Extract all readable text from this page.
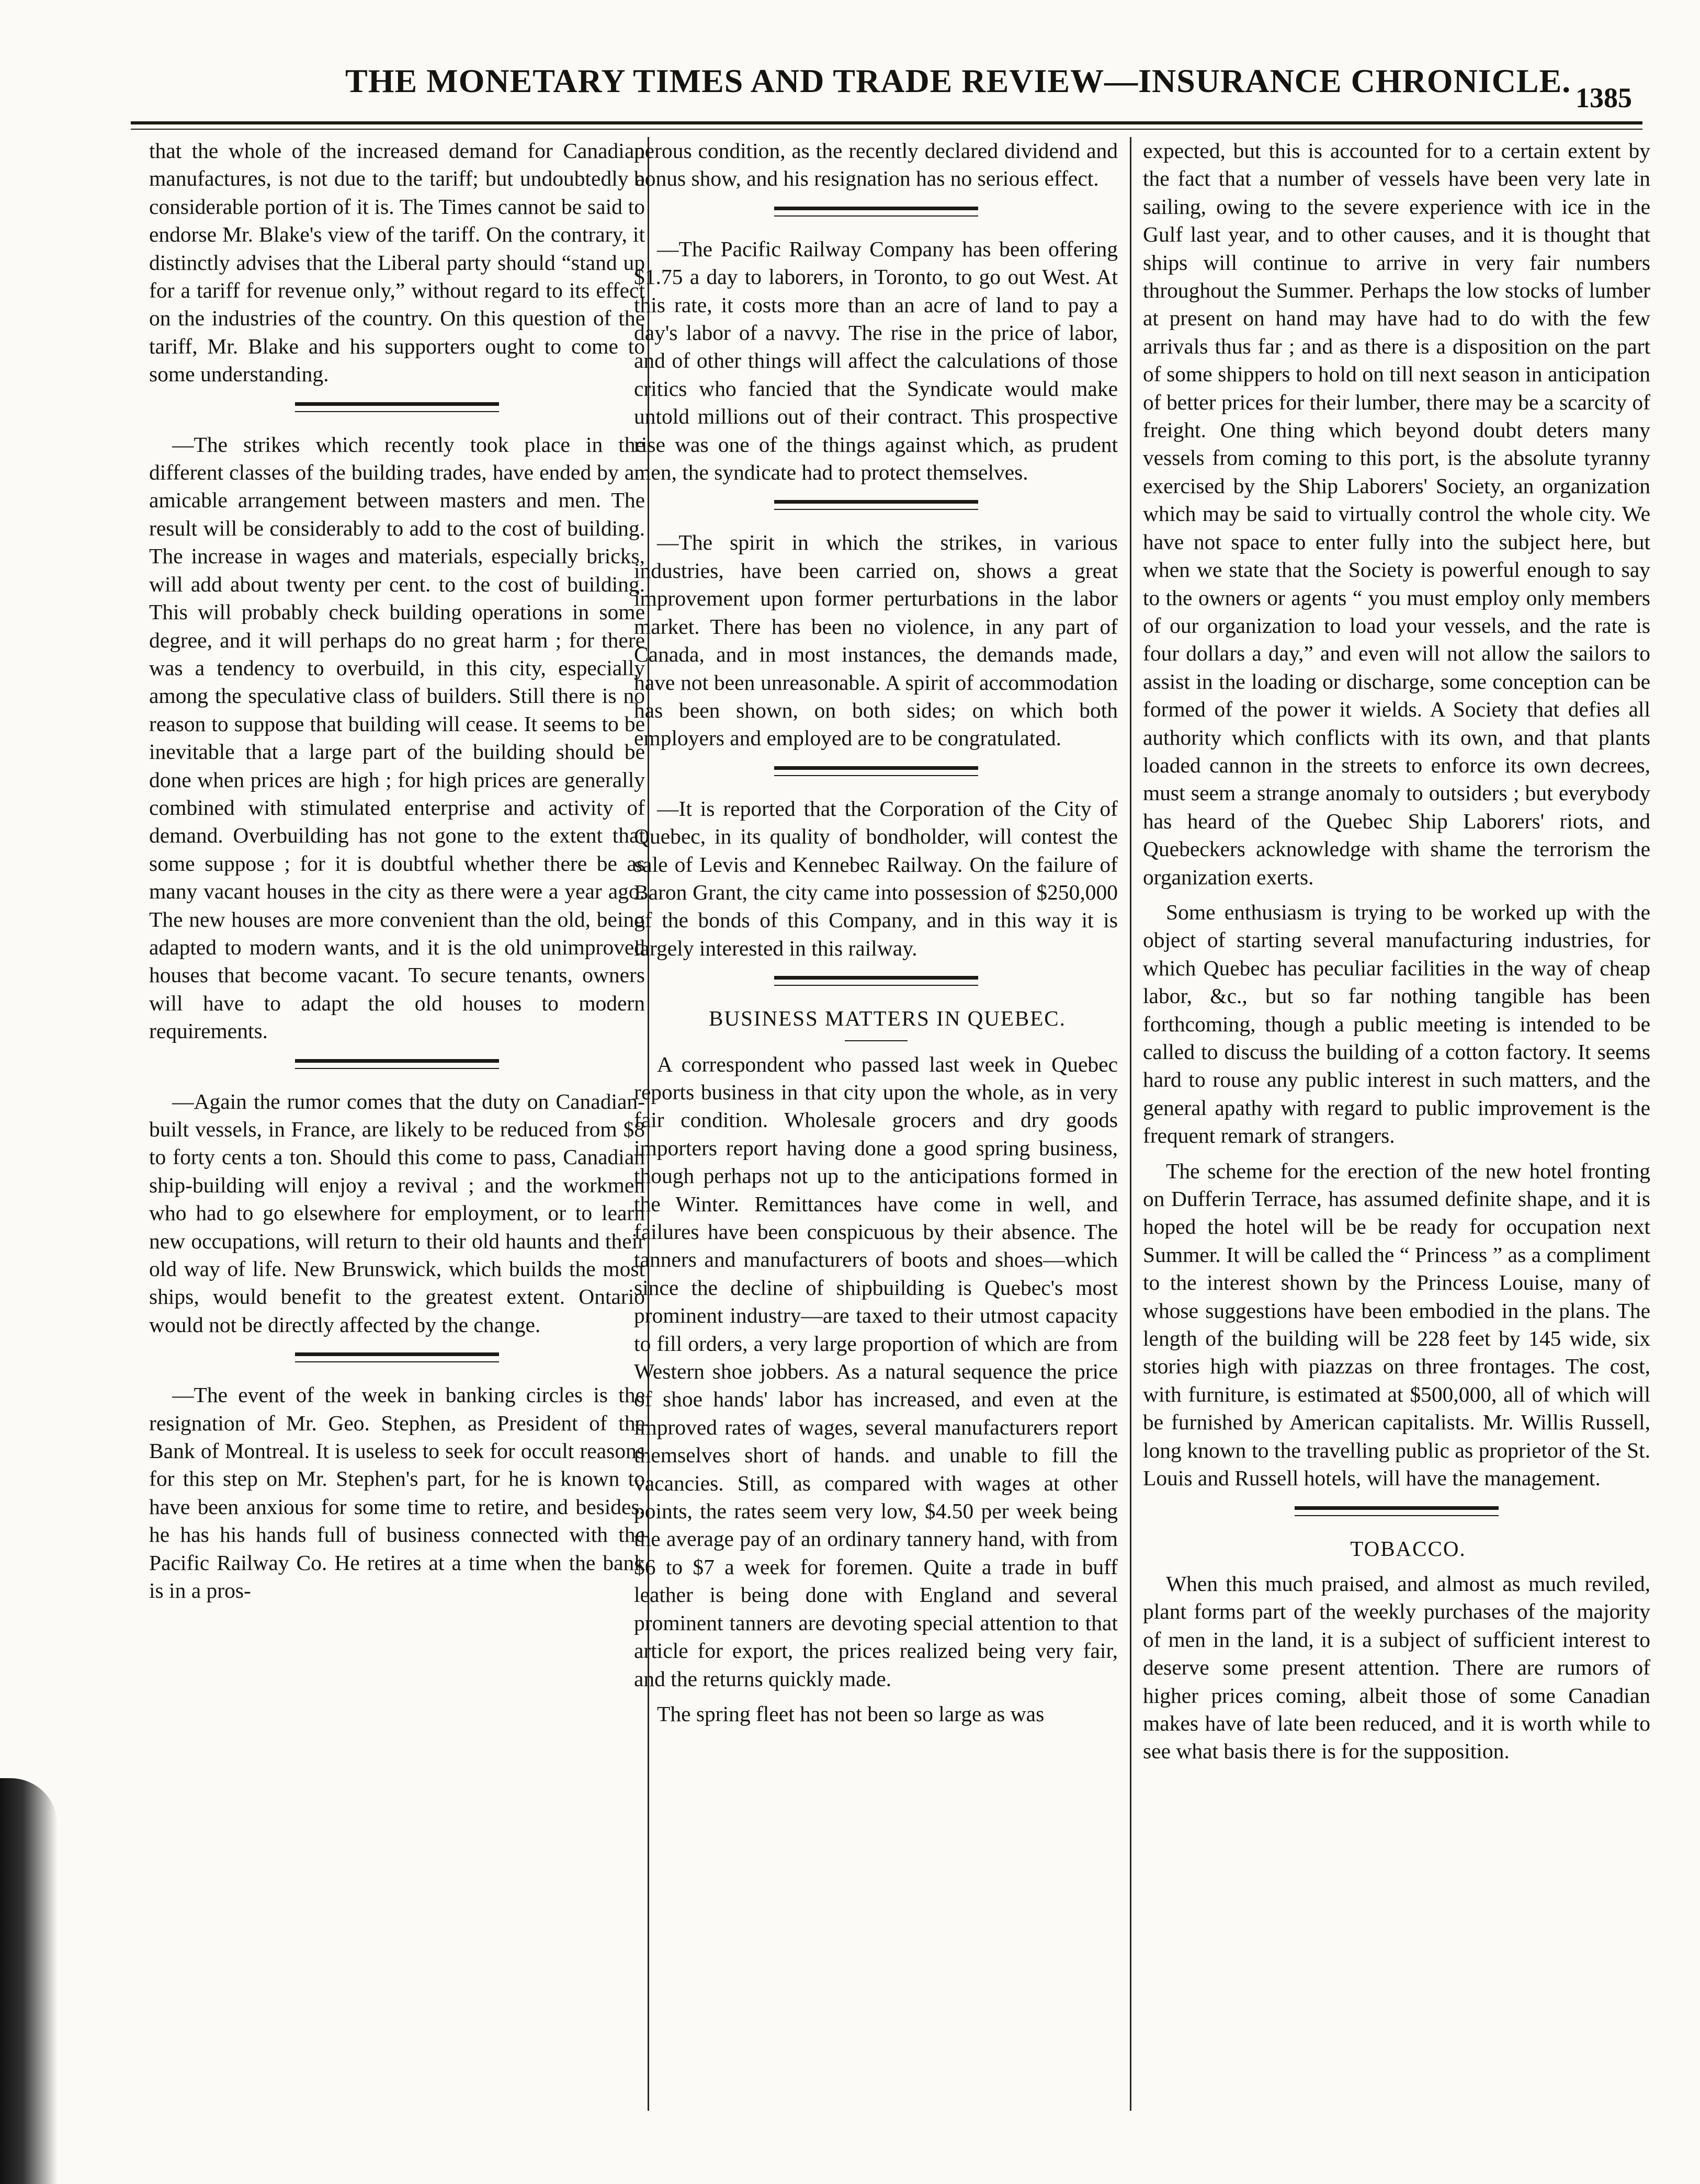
THE MONETARY TIMES AND TRADE REVIEW—INSURANCE CHRONICLE. 1385

that the whole of the increased demand for Canadian manufactures, is not due to the tariff; but undoubtedly a considerable portion of it is. The Times cannot be said to endorse Mr. Blake's view of the tariff. On the contrary, it distinctly advises that the Liberal party should “stand up for a tariff for revenue only,” without regard to its effect on the industries of the country. On this question of the tariff, Mr. Blake and his supporters ought to come to some understanding.

—The strikes which recently took place in the different classes of the building trades, have ended by an amicable arrangement between masters and men. The result will be considerably to add to the cost of building. The increase in wages and materials, especially bricks, will add about twenty per cent. to the cost of building. This will probably check building operations in some degree, and it will perhaps do no great harm ; for there was a tendency to overbuild, in this city, especially among the speculative class of builders. Still there is no reason to suppose that building will cease. It seems to be inevitable that a large part of the building should be done when prices are high ; for high prices are generally combined with stimulated enterprise and activity of demand. Overbuilding has not gone to the extent that some suppose ; for it is doubtful whether there be as many vacant houses in the city as there were a year ago. The new houses are more convenient than the old, being adapted to modern wants, and it is the old unimproved houses that become vacant. To secure tenants, owners will have to adapt the old houses to modern requirements.

—Again the rumor comes that the duty on Canadian-built vessels, in France, are likely to be reduced from $8 to forty cents a ton. Should this come to pass, Canadian ship-building will enjoy a revival ; and the workmen who had to go elsewhere for employment, or to learn new occupations, will return to their old haunts and their old way of life. New Brunswick, which builds the most ships, would benefit to the greatest extent. Ontario would not be directly affected by the change.

—The event of the week in banking circles is the resignation of Mr. Geo. Stephen, as President of the Bank of Montreal. It is useless to seek for occult reasons for this step on Mr. Stephen's part, for he is known to have been anxious for some time to retire, and besides, he has his hands full of business connected with the Pacific Railway Co. He retires at a time when the bank is in a pros-

perous condition, as the recently declared dividend and bonus show, and his resignation has no serious effect.

—The Pacific Railway Company has been offering $1.75 a day to laborers, in Toronto, to go out West. At this rate, it costs more than an acre of land to pay a day's labor of a navvy. The rise in the price of labor, and of other things will affect the calculations of those critics who fancied that the Syndicate would make untold millions out of their contract. This prospective rise was one of the things against which, as prudent men, the syndicate had to protect themselves.

—The spirit in which the strikes, in various industries, have been carried on, shows a great improvement upon former perturbations in the labor market. There has been no violence, in any part of Canada, and in most instances, the demands made, have not been unreasonable. A spirit of accommodation has been shown, on both sides; on which both employers and employed are to be congratulated.

—It is reported that the Corporation of the City of Quebec, in its quality of bondholder, will contest the sale of Levis and Kennebec Railway. On the failure of Baron Grant, the city came into possession of $250,000 of the bonds of this Company, and in this way it is largely interested in this railway.

BUSINESS MATTERS IN QUEBEC.

A correspondent who passed last week in Quebec reports business in that city upon the whole, as in very fair condition. Wholesale grocers and dry goods importers report having done a good spring business, though perhaps not up to the anticipations formed in the Winter. Remittances have come in well, and failures have been conspicuous by their absence. The tanners and manufacturers of boots and shoes—which since the decline of shipbuilding is Quebec's most prominent industry—are taxed to their utmost capacity to fill orders, a very large proportion of which are from Western shoe jobbers. As a natural sequence the price of shoe hands' labor has increased, and even at the improved rates of wages, several manufacturers report themselves short of hands. and unable to fill the vacancies. Still, as compared with wages at other points, the rates seem very low, $4.50 per week being the average pay of an ordinary tannery hand, with from $6 to $7 a week for foremen. Quite a trade in buff leather is being done with England and several prominent tanners are devoting special attention to that article for export, the prices realized being very fair, and the returns quickly made.

The spring fleet has not been so large as was

expected, but this is accounted for to a certain extent by the fact that a number of vessels have been very late in sailing, owing to the severe experience with ice in the Gulf last year, and to other causes, and it is thought that ships will continue to arrive in very fair numbers throughout the Summer. Perhaps the low stocks of lumber at present on hand may have had to do with the few arrivals thus far ; and as there is a disposition on the part of some shippers to hold on till next season in anticipation of better prices for their lumber, there may be a scarcity of freight. One thing which beyond doubt deters many vessels from coming to this port, is the absolute tyranny exercised by the Ship Laborers' Society, an organization which may be said to virtually control the whole city. We have not space to enter fully into the subject here, but when we state that the Society is powerful enough to say to the owners or agents “ you must employ only members of our organization to load your vessels, and the rate is four dollars a day,” and even will not allow the sailors to assist in the loading or discharge, some conception can be formed of the power it wields. A Society that defies all authority which conflicts with its own, and that plants loaded cannon in the streets to enforce its own decrees, must seem a strange anomaly to outsiders ; but everybody has heard of the Quebec Ship Laborers' riots, and Quebeckers acknowledge with shame the terrorism the organization exerts.

Some enthusiasm is trying to be worked up with the object of starting several manufacturing industries, for which Quebec has peculiar facilities in the way of cheap labor, &c., but so far nothing tangible has been forthcoming, though a public meeting is intended to be called to discuss the building of a cotton factory. It seems hard to rouse any public interest in such matters, and the general apathy with regard to public improvement is the frequent remark of strangers.

The scheme for the erection of the new hotel fronting on Dufferin Terrace, has assumed definite shape, and it is hoped the hotel will be be ready for occupation next Summer. It will be called the “ Princess ” as a compliment to the interest shown by the Princess Louise, many of whose suggestions have been embodied in the plans. The length of the building will be 228 feet by 145 wide, six stories high with piazzas on three frontages. The cost, with furniture, is estimated at $500,000, all of which will be furnished by American capitalists. Mr. Willis Russell, long known to the travelling public as proprietor of the St. Louis and Russell hotels, will have the management.

TOBACCO.

When this much praised, and almost as much reviled, plant forms part of the weekly purchases of the majority of men in the land, it is a subject of sufficient interest to deserve some present attention. There are rumors of higher prices coming, albeit those of some Canadian makes have of late been reduced, and it is worth while to see what basis there is for the supposition.
